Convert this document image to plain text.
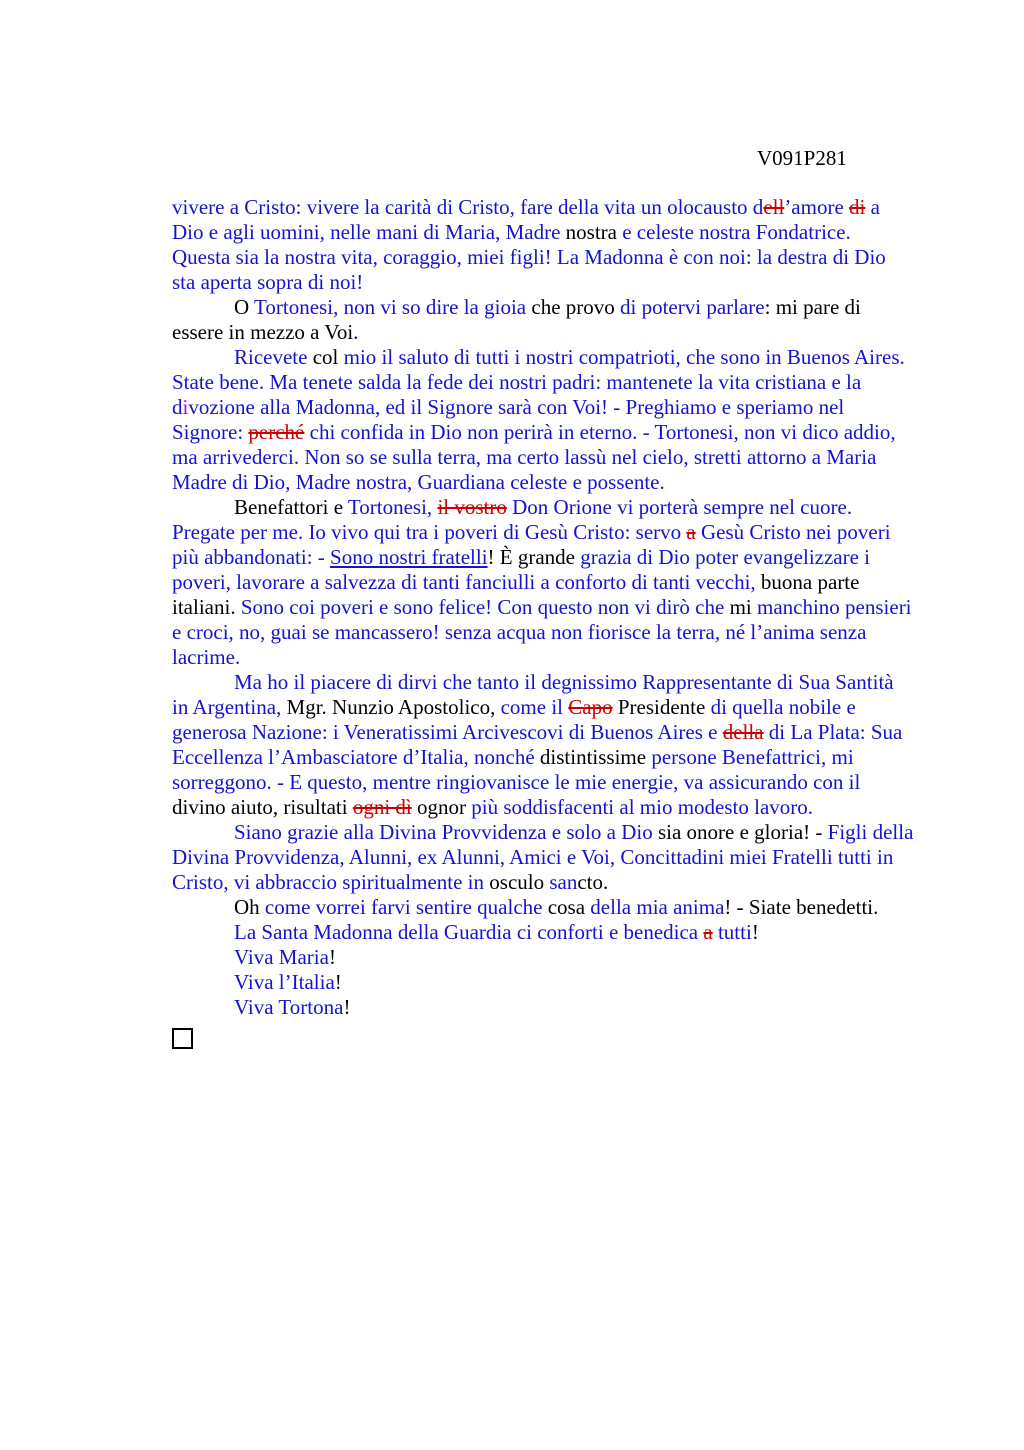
V091P281

vivere a Cristo: vivere la carità di Cristo, fare della vita un olocausto dell’amore di a Dio e agli uomini, nelle mani di Maria, Madre nostra e celeste nostra Fondatrice. Questa sia la nostra vita, coraggio, miei figli! La Madonna è con noi: la destra di Dio sta aperta sopra di noi!

O Tortonesi, non vi so dire la gioia che provo di potervi parlare: mi pare di essere in mezzo a Voi.

Ricevete col mio il saluto di tutti i nostri compatrioti, che sono in Buenos Aires. State bene. Ma tenete salda la fede dei nostri padri: mantenete la vita cristiana e la divozione alla Madonna, ed il Signore sarà con Voi! - Preghiamo e speriamo nel Signore: perché chi confida in Dio non perirà in eterno. - Tortonesi, non vi dico addio, ma arrivederci. Non so se sulla terra, ma certo lassù nel cielo, stretti attorno a Maria Madre di Dio, Madre nostra, Guardiana celeste e possente.

Benefattori e Tortonesi, il vostro Don Orione vi porterà sempre nel cuore. Pregate per me. Io vivo qui tra i poveri di Gesù Cristo: servo a Gesù Cristo nei poveri più abbandonati: - Sono nostri fratelli! È grande grazia di Dio poter evangelizzare i poveri, lavorare a salvezza di tanti fanciulli a conforto di tanti vecchi, buona parte italiani. Sono coi poveri e sono felice! Con questo non vi dirò che mi manchino pensieri e croci, no, guai se mancassero! senza acqua non fiorisce la terra, né l’anima senza lacrime.

Ma ho il piacere di dirvi che tanto il degnissimo Rappresentante di Sua Santità in Argentina, Mgr. Nunzio Apostolico, come il Capo Presidente di quella nobile e generosa Nazione: i Veneratissimi Arcivescovi di Buenos Aires e della di La Plata: Sua Eccellenza l’Ambasciatore d’Italia, nonché distintissime persone Benefattrici, mi sorreggono. - E questo, mentre ringiovanisce le mie energie, va assicurando con il divino aiuto, risultati ogni dì ognor più soddisfacenti al mio modesto lavoro.

Siano grazie alla Divina Provvidenza e solo a Dio sia onore e gloria! - Figli della Divina Provvidenza, Alunni, ex Alunni, Amici e Voi, Concittadini miei Fratelli tutti in Cristo, vi abbraccio spiritualmente in osculo sancto.

Oh come vorrei farvi sentire qualche cosa della mia anima! - Siate benedetti.

La Santa Madonna della Guardia ci conforti e benedica a tutti!

Viva Maria!

Viva l’Italia!

Viva Tortona!
